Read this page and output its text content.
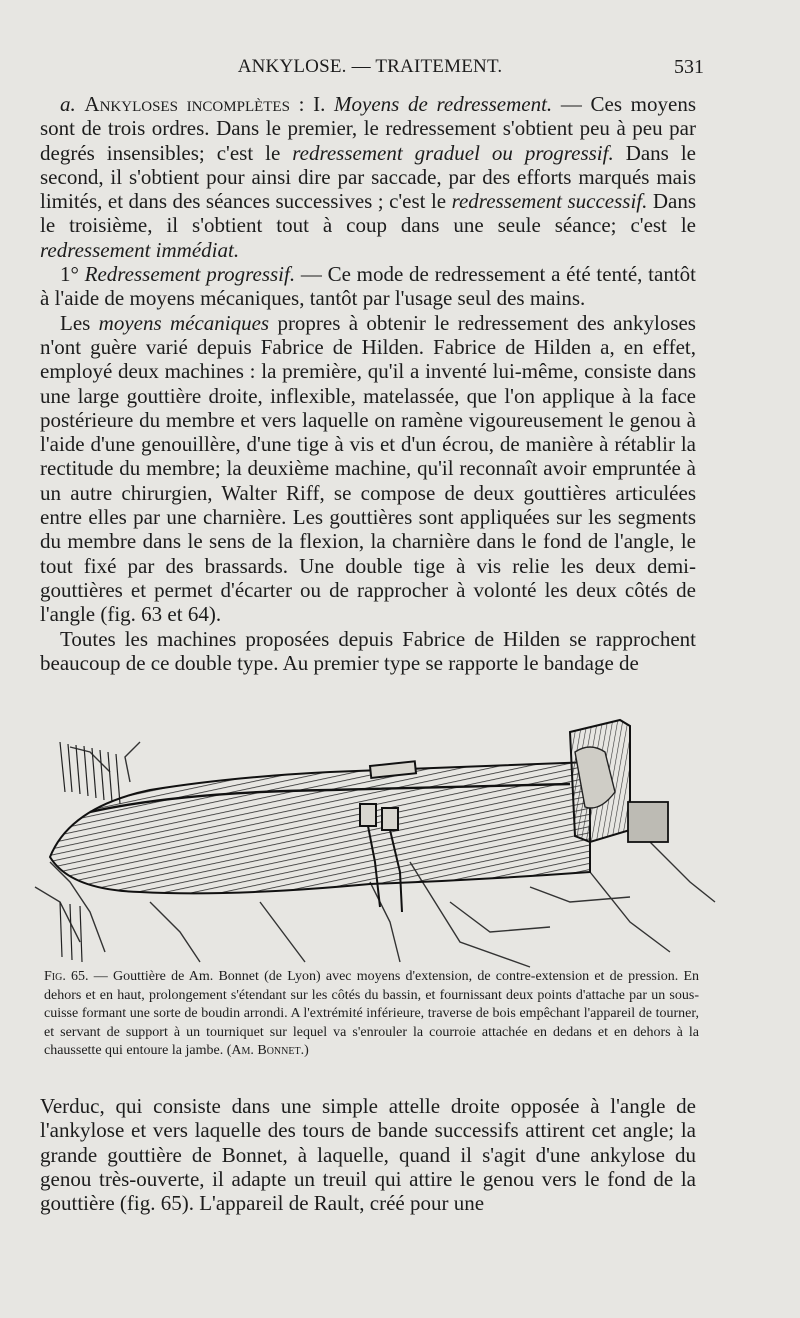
ANKYLOSE. — TRAITEMENT.	531

a. Ankyloses incomplètes : I. Moyens de redressement. — Ces moyens sont de trois ordres. Dans le premier, le redressement s'obtient peu à peu par degrés insensibles; c'est le redressement graduel ou progressif. Dans le second, il s'obtient pour ainsi dire par saccade, par des efforts marqués mais limités, et dans des séances successives ; c'est le redressement successif. Dans le troisième, il s'obtient tout à coup dans une seule séance; c'est le redressement immédiat.

1° Redressement progressif. — Ce mode de redressement a été tenté, tantôt à l'aide de moyens mécaniques, tantôt par l'usage seul des mains.

Les moyens mécaniques propres à obtenir le redressement des ankyloses n'ont guère varié depuis Fabrice de Hilden. Fabrice de Hilden a, en effet, employé deux machines : la première, qu'il a inventé lui-même, consiste dans une large gouttière droite, inflexible, matelassée, que l'on applique à la face postérieure du membre et vers laquelle on ramène vigoureusement le genou à l'aide d'une genouillère, d'une tige à vis et d'un écrou, de manière à rétablir la rectitude du membre; la deuxième machine, qu'il reconnaît avoir empruntée à un autre chirurgien, Walter Riff, se compose de deux gouttières articulées entre elles par une charnière. Les gouttières sont appliquées sur les segments du membre dans le sens de la flexion, la charnière dans le fond de l'angle, le tout fixé par des brassards. Une double tige à vis relie les deux demi-gouttières et permet d'écarter ou de rapprocher à volonté les deux côtés de l'angle (fig. 63 et 64).

Toutes les machines proposées depuis Fabrice de Hilden se rapprochent beaucoup de ce double type. Au premier type se rapporte le bandage de

Fig. 65. — Gouttière de Am. Bonnet (de Lyon) avec moyens d'extension, de contre-extension et de pression. En dehors et en haut, prolongement s'étendant sur les côtés du bassin, et fournissant deux points d'attache par un sous-cuisse formant une sorte de boudin arrondi. A l'extrémité inférieure, traverse de bois empêchant l'appareil de tourner, et servant de support à un tourniquet sur lequel va s'enrouler la courroie attachée en dedans et en dehors à la chaussette qui entoure la jambe. (Am. Bonnet.)

Verduc, qui consiste dans une simple attelle droite opposée à l'angle de l'ankylose et vers laquelle des tours de bande successifs attirent cet angle; la grande gouttière de Bonnet, à laquelle, quand il s'agit d'une ankylose du genou très-ouverte, il adapte un treuil qui attire le genou vers le fond de la gouttière (fig. 65). L'appareil de Rault, créé pour une
